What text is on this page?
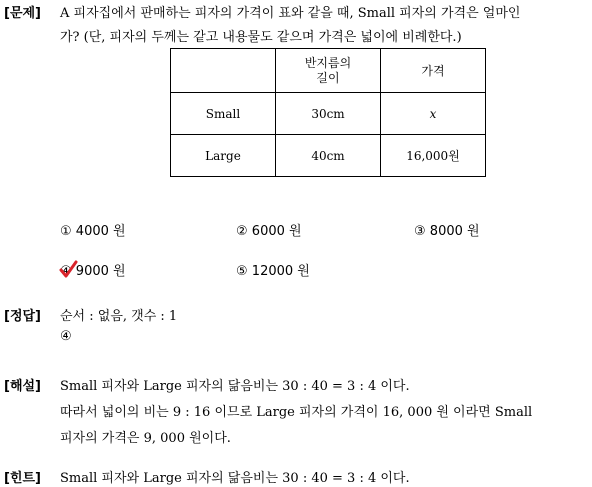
[문제] A 피자집에서 판매하는 피자의 가격이 표와 같을 때, Small 피자의 가격은 얼마인
가? (단, 피자의 두께는 같고 내용물도 같으며 가격은 넓이에 비례한다.)
	반지름의
길이	가격
Small	30cm	x
Large	40cm	16,000원
① 4000 원	② 6000 원	③ 8000 원
④ 9000 원	⑤ 12000 원
[정답] 순서 : 없음, 갯수 : 1
④
[해설] Small 피자와 Large 피자의 닮음비는 30 : 40 = 3 : 4 이다.
따라서 넓이의 비는 9 : 16 이므로 Large 피자의 가격이 16, 000 원 이라면 Small
피자의 가격은 9, 000 원이다.
[힌트] Small 피자와 Large 피자의 닮음비는 30 : 40 = 3 : 4 이다.
